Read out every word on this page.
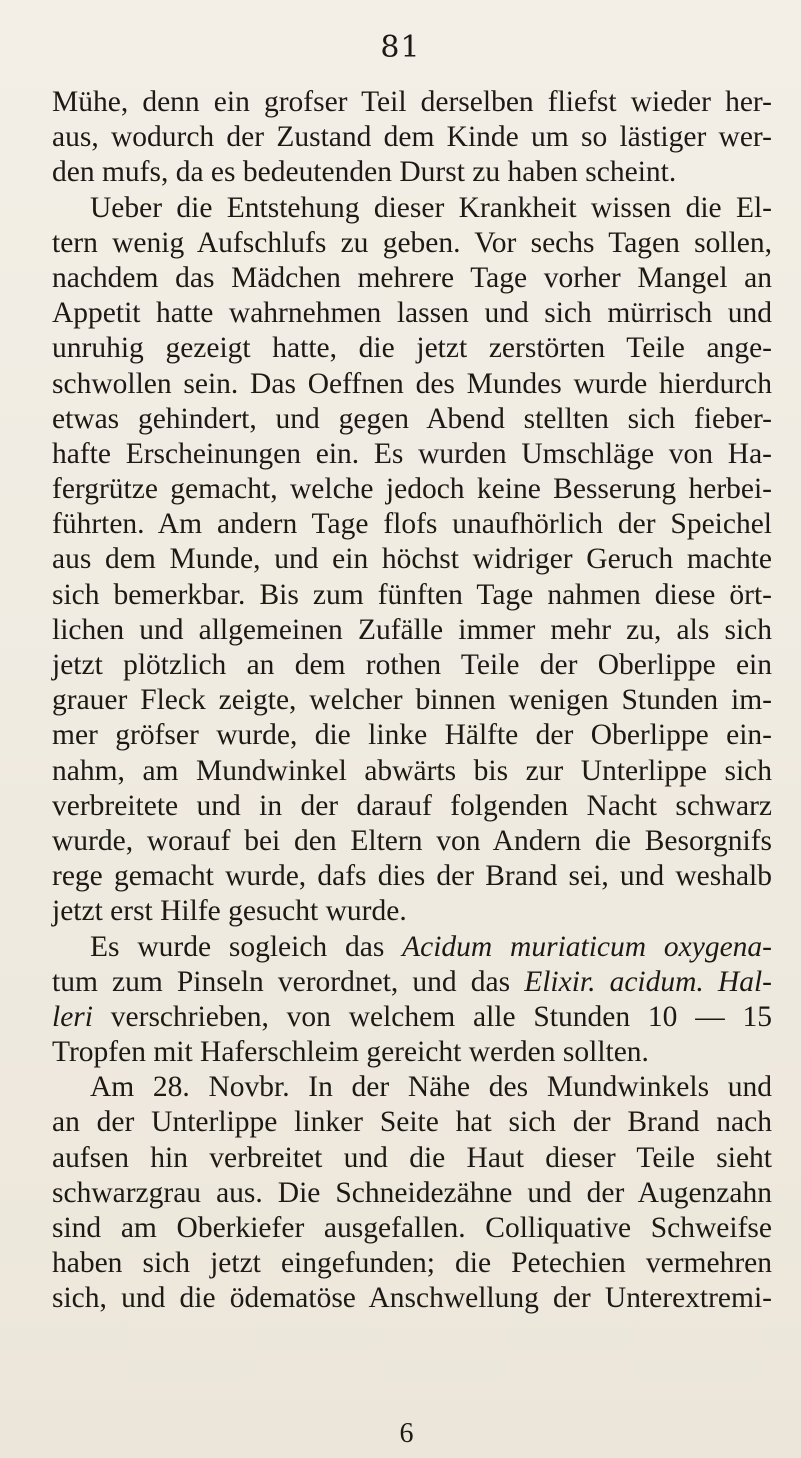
81
Mühe, denn ein grofser Teil derselben fliefst wieder her-
aus, wodurch der Zustand dem Kinde um so lästiger wer-
den mufs, da es bedeutenden Durst zu haben scheint.
Ueber die Entstehung dieser Krankheit wissen die El-
tern wenig Aufschlufs zu geben. Vor sechs Tagen sollen,
nachdem das Mädchen mehrere Tage vorher Mangel an
Appetit hatte wahrnehmen lassen und sich mürrisch und
unruhig gezeigt hatte, die jetzt zerstörten Teile ange-
schwollen sein. Das Oeffnen des Mundes wurde hierdurch
etwas gehindert, und gegen Abend stellten sich fieber-
hafte Erscheinungen ein. Es wurden Umschläge von Ha-
fergrütze gemacht, welche jedoch keine Besserung herbei-
führten. Am andern Tage flofs unaufhörlich der Speichel
aus dem Munde, und ein höchst widriger Geruch machte
sich bemerkbar. Bis zum fünften Tage nahmen diese ört-
lichen und allgemeinen Zufälle immer mehr zu, als sich
jetzt plötzlich an dem rothen Teile der Oberlippe ein
grauer Fleck zeigte, welcher binnen wenigen Stunden im-
mer gröfser wurde, die linke Hälfte der Oberlippe ein-
nahm, am Mundwinkel abwärts bis zur Unterlippe sich
verbreitete und in der darauf folgenden Nacht schwarz
wurde, worauf bei den Eltern von Andern die Besorgnifs
rege gemacht wurde, dafs dies der Brand sei, und weshalb
jetzt erst Hilfe gesucht wurde.
Es wurde sogleich das Acidum muriaticum oxygena-
tum zum Pinseln verordnet, und das Elixir. acidum. Hal-
leri verschrieben, von welchem alle Stunden 10 — 15
Tropfen mit Haferschleim gereicht werden sollten.
Am 28. Novbr. In der Nähe des Mundwinkels und
an der Unterlippe linker Seite hat sich der Brand nach
aufsen hin verbreitet und die Haut dieser Teile sieht
schwarzgrau aus. Die Schneidezähne und der Augenzahn
sind am Oberkiefer ausgefallen. Colliquative Schweifse
haben sich jetzt eingefunden; die Petechien vermehren
sich, und die ödematöse Anschwellung der Unterextremi-
6
